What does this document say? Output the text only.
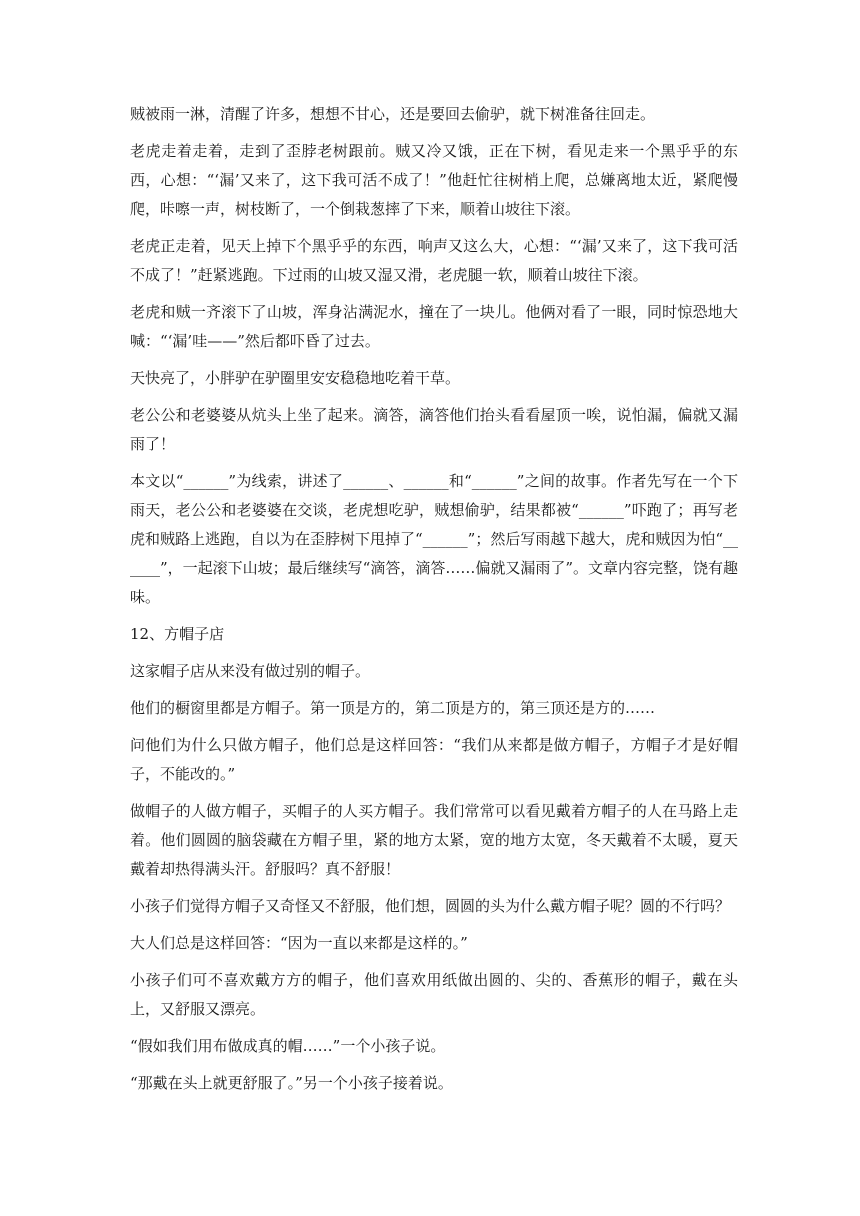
贼被雨一淋，清醒了许多，想想不甘心，还是要回去偷驴，就下树准备往回走。

老虎走着走着，走到了歪脖老树跟前。贼又冷又饿，正在下树，看见走来一个黑乎乎的东西，心想：“‘漏’又来了，这下我可活不成了！”他赶忙往树梢上爬，总嫌离地太近，紧爬慢爬，咔嚓一声，树枝断了，一个倒栽葱摔了下来，顺着山坡往下滚。

老虎正走着，见天上掉下个黑乎乎的东西，响声又这么大，心想：“‘漏’又来了，这下我可活不成了！”赶紧逃跑。下过雨的山坡又湿又滑，老虎腿一软，顺着山坡往下滚。

老虎和贼一齐滚下了山坡，浑身沾满泥水，撞在了一块儿。他俩对看了一眼，同时惊恐地大喊：“‘漏’哇——”然后都吓昏了过去。

天快亮了，小胖驴在驴圈里安安稳稳地吃着干草。

老公公和老婆婆从炕头上坐了起来。滴答，滴答他们抬头看看屋顶一唉，说怕漏，偏就又漏雨了！

本文以“______”为线索，讲述了______、______和“______”之间的故事。作者先写在一个下雨天，老公公和老婆婆在交谈，老虎想吃驴，贼想偷驴，结果都被“______”吓跑了；再写老虎和贼路上逃跑，自以为在歪脖树下甩掉了“______”；然后写雨越下越大，虎和贼因为怕“______”，一起滚下山坡；最后继续写“滴答，滴答……偏就又漏雨了”。文章内容完整，饶有趣味。

12、方帽子店

这家帽子店从来没有做过别的帽子。

他们的橱窗里都是方帽子。第一顶是方的，第二顶是方的，第三顶还是方的……

问他们为什么只做方帽子，他们总是这样回答：“我们从来都是做方帽子，方帽子才是好帽子，不能改的。”

做帽子的人做方帽子，买帽子的人买方帽子。我们常常可以看见戴着方帽子的人在马路上走着。他们圆圆的脑袋藏在方帽子里，紧的地方太紧，宽的地方太宽，冬天戴着不太暖，夏天戴着却热得满头汗。舒服吗？真不舒服！

小孩子们觉得方帽子又奇怪又不舒服，他们想，圆圆的头为什么戴方帽子呢？圆的不行吗？

大人们总是这样回答：“因为一直以来都是这样的。”

小孩子们可不喜欢戴方方的帽子，他们喜欢用纸做出圆的、尖的、香蕉形的帽子，戴在头上，又舒服又漂亮。

“假如我们用布做成真的帽……”一个小孩子说。

“那戴在头上就更舒服了。”另一个小孩子接着说。
